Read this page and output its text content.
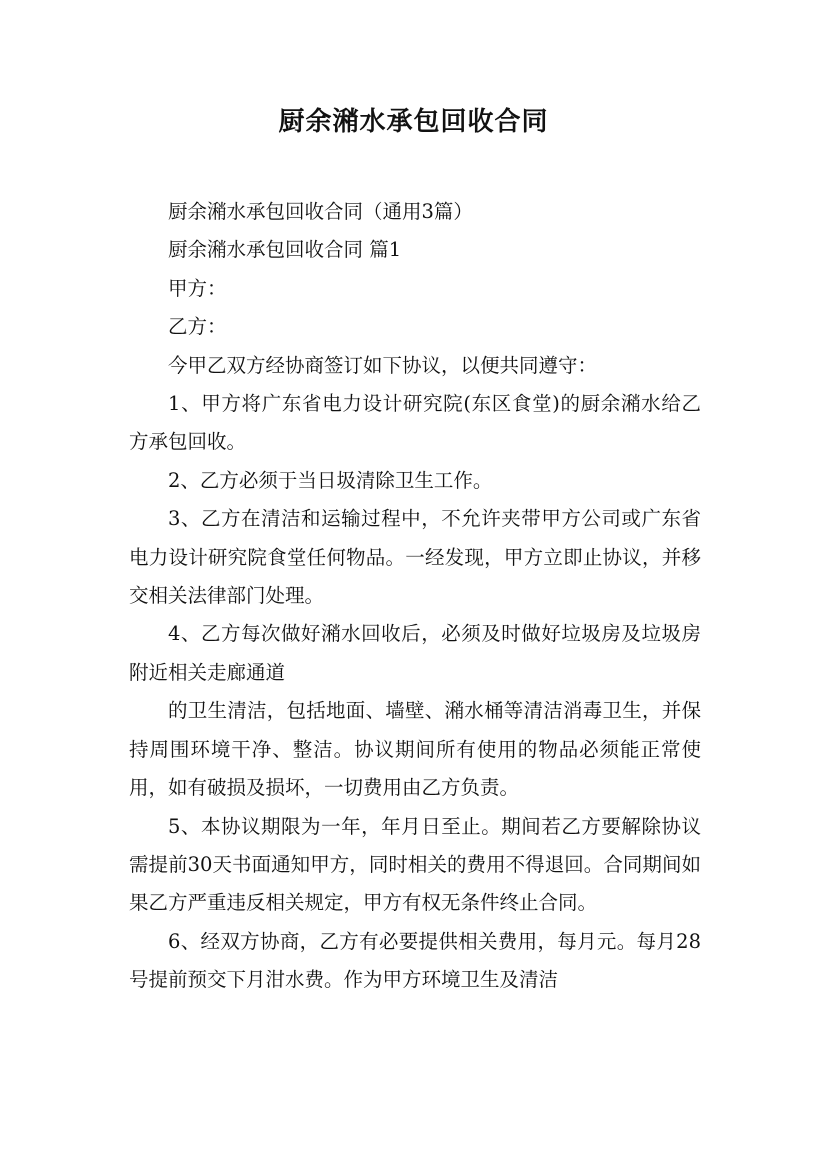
厨余潲水承包回收合同

厨余潲水承包回收合同（通用3篇）

厨余潲水承包回收合同 篇1

甲方：

乙方：

今甲乙双方经协商签订如下协议，以便共同遵守：

1、甲方将广东省电力设计研究院(东区食堂)的厨余潲水给乙方承包回收。

2、乙方必须于当日圾清除卫生工作。

3、乙方在清洁和运输过程中，不允许夹带甲方公司或广东省电力设计研究院食堂任何物品。一经发现，甲方立即止协议，并移交相关法律部门处理。

4、乙方每次做好潲水回收后，必须及时做好垃圾房及垃圾房附近相关走廊通道

的卫生清洁，包括地面、墙壁、潲水桶等清洁消毒卫生，并保持周围环境干净、整洁。协议期间所有使用的物品必须能正常使用，如有破损及损坏，一切费用由乙方负责。

5、本协议期限为一年，年月日至止。期间若乙方要解除协议需提前30天书面通知甲方，同时相关的费用不得退回。合同期间如果乙方严重违反相关规定，甲方有权无条件终止合同。

6、经双方协商，乙方有必要提供相关费用，每月元。每月28号提前预交下月泔水费。作为甲方环境卫生及清洁
